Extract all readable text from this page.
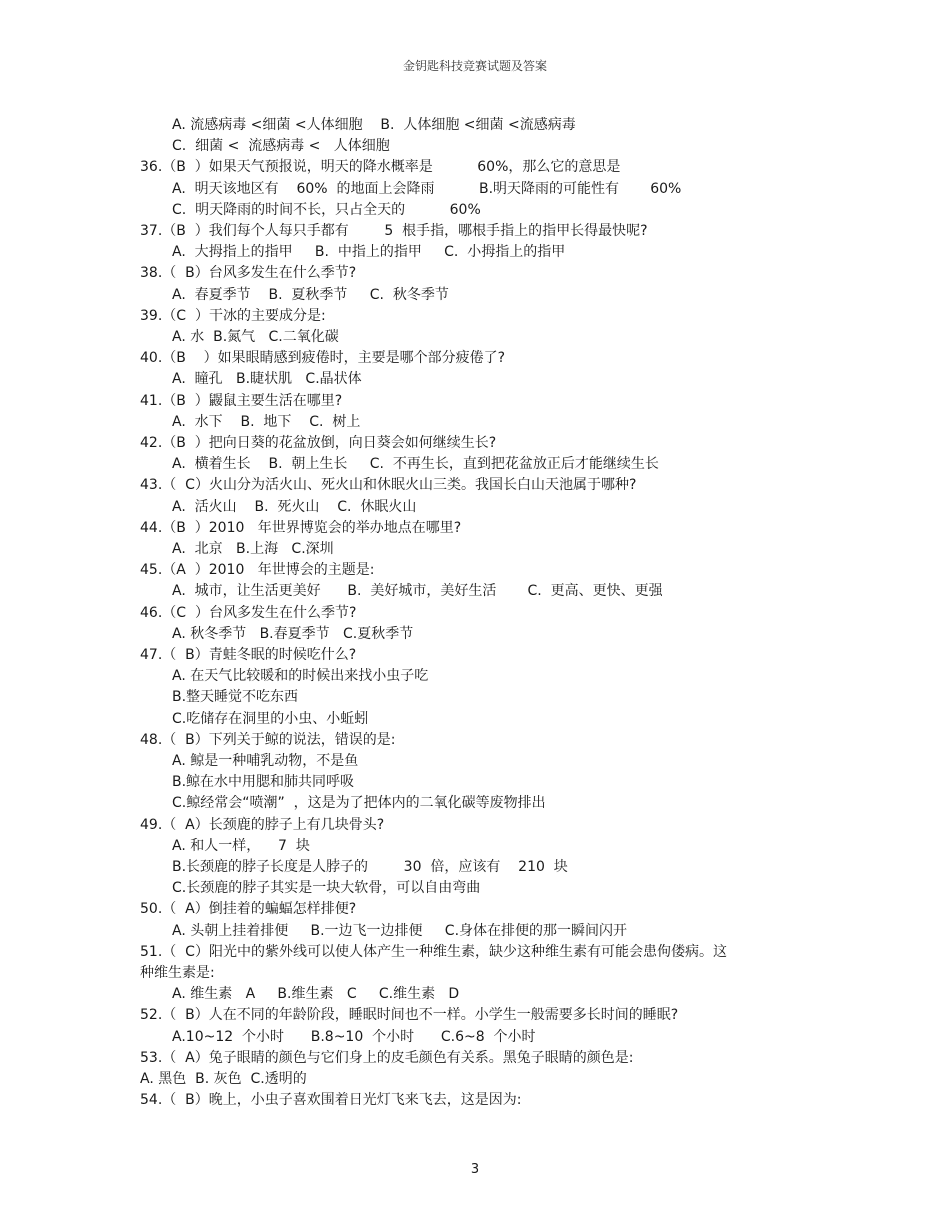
金钥匙科技竞赛试题及答案
A. 流感病毒 <细菌 <人体细胞    B.  人体细胞 <细菌 <流感病毒
C.  细菌 <  流感病毒 <   人体细胞
36.（B  ）如果天气预报说，明天的降水概率是          60%，那么它的意思是
A.  明天该地区有    60%  的地面上会降雨          B.明天降雨的可能性有       60%
C.  明天降雨的时间不长，只占全天的          60%
37.（B  ）我们每个人每只手都有        5  根手指，哪根手指上的指甲长得最快呢?
A.  大拇指上的指甲     B.  中指上的指甲     C.  小拇指上的指甲
38.（  B）台风多发生在什么季节?
A.  春夏季节    B.  夏秋季节     C.  秋冬季节
39.（C  ）干冰的主要成分是:
A. 水  B.氮气   C.二氧化碳
40.（B    ）如果眼睛感到疲倦时，主要是哪个部分疲倦了?
A.  瞳孔   B.睫状肌   C.晶状体
41.（B  ）鼹鼠主要生活在哪里?
A.  水下    B.  地下    C.  树上
42.（B  ）把向日葵的花盆放倒，向日葵会如何继续生长?
A.  横着生长    B.  朝上生长     C.  不再生长，直到把花盆放正后才能继续生长
43.（  C）火山分为活火山、死火山和休眠火山三类。我国长白山天池属于哪种?
A.  活火山    B.  死火山    C.  休眠火山
44.（B  ）2010   年世界博览会的举办地点在哪里?
A.  北京   B.上海   C.深圳
45.（A  ）2010   年世博会的主题是:
A.  城市，让生活更美好      B.  美好城市，美好生活       C.  更高、更快、更强
46.（C  ）台风多发生在什么季节?
A. 秋冬季节   B.春夏季节   C.夏秋季节
47.（  B）青蛙冬眠的时候吃什么?
A. 在天气比较暖和的时候出来找小虫子吃
B.整天睡觉不吃东西
C.吃储存在洞里的小虫、小蚯蚓
48.（  B）下列关于鲸的说法，错误的是:
A. 鲸是一种哺乳动物，不是鱼
B.鲸在水中用腮和肺共同呼吸
C.鲸经常会“喷潮”  ，这是为了把体内的二氧化碳等废物排出
49.（  A）长颈鹿的脖子上有几块骨头?
A. 和人一样，    7  块
B.长颈鹿的脖子长度是人脖子的        30  倍，应该有    210  块
C.长颈鹿的脖子其实是一块大软骨，可以自由弯曲
50.（  A）倒挂着的蝙蝠怎样排便?
A. 头朝上挂着排便     B.一边飞一边排便     C.身体在排便的那一瞬间闪开
51.（  C）阳光中的紫外线可以使人体产生一种维生素，缺少这种维生素有可能会患佝偻病。这
种维生素是:
A. 维生素   A     B.维生素   C     C.维生素   D
52.（  B）人在不同的年龄阶段，睡眠时间也不一样。小学生一般需要多长时间的睡眠?
A.10~12  个小时      B.8~10  个小时      C.6~8  个小时
53.（  A）兔子眼睛的颜色与它们身上的皮毛颜色有关系。黑兔子眼睛的颜色是:
A. 黑色  B. 灰色  C.透明的
54.（  B）晚上，小虫子喜欢围着日光灯飞来飞去，这是因为:
3
